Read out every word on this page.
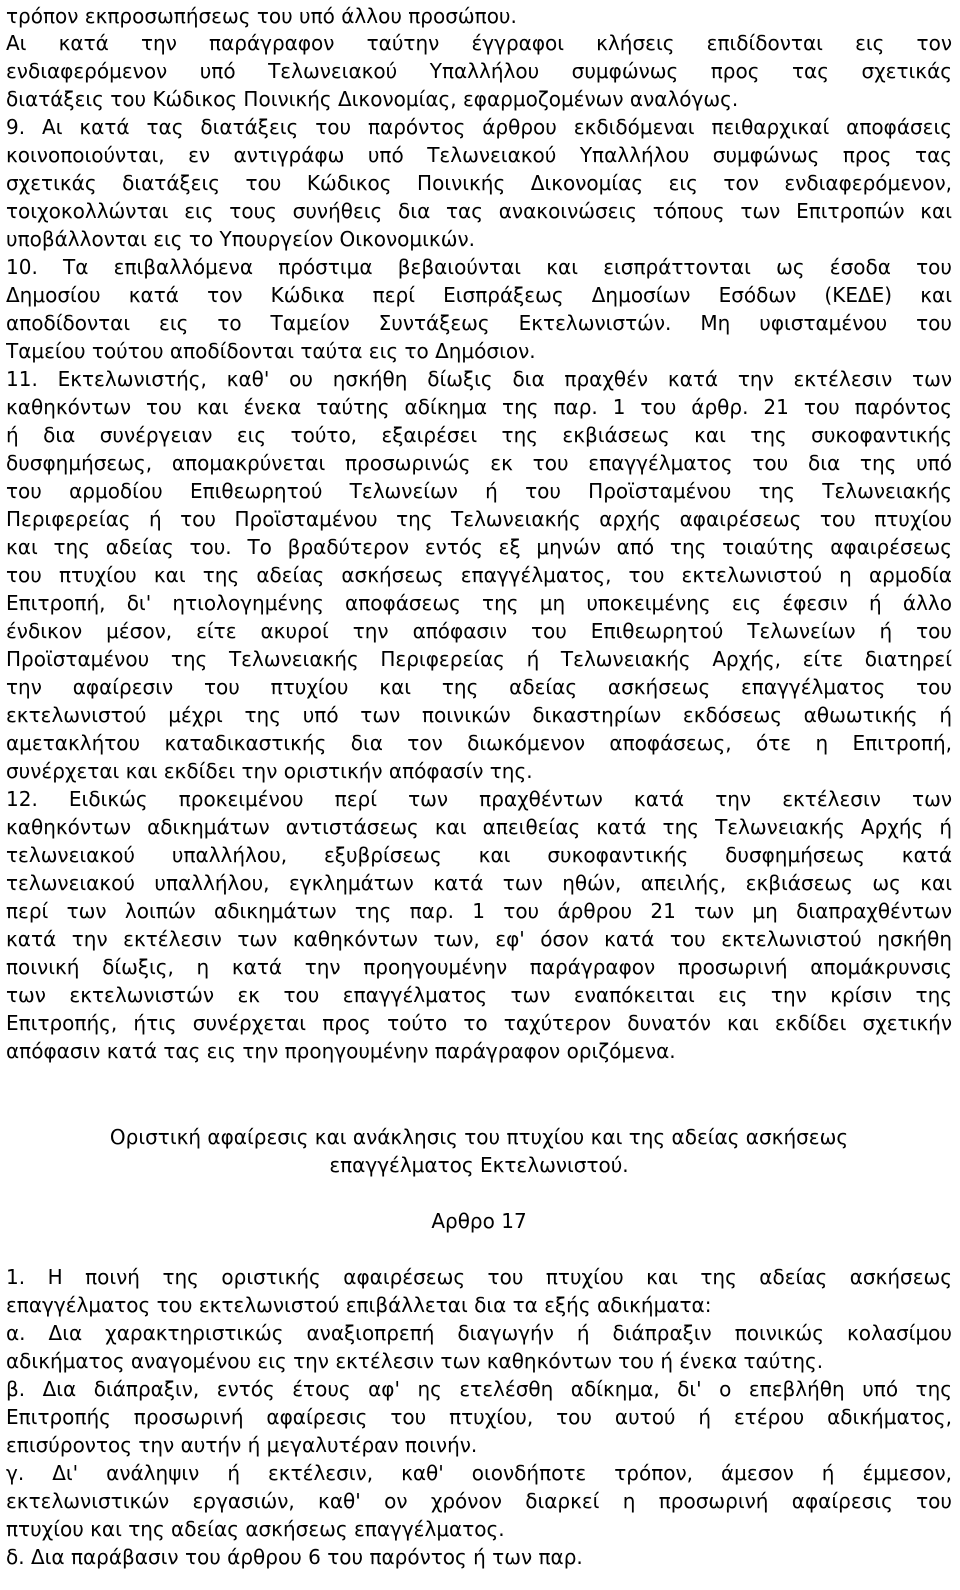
τρόπον εκπροσωπήσεως του υπό άλλου προσώπου.
Αι κατά την παράγραφον ταύτην έγγραφοι κλήσεις επιδίδονται εις τον
ενδιαφερόμενον υπό Τελωνειακού Υπαλλήλου συμφώνως προς τας σχετικάς
διατάξεις του Κώδικος Ποινικής Δικονομίας, εφαρμοζομένων αναλόγως.
9. Αι κατά τας διατάξεις του παρόντος άρθρου εκδιδόμεναι πειθαρχικαί αποφάσεις
κοινοποιούνται, εν αντιγράφω υπό Τελωνειακού Υπαλλήλου συμφώνως προς τας
σχετικάς διατάξεις του Κώδικος Ποινικής Δικονομίας εις τον ενδιαφερόμενον,
τοιχοκολλώνται εις τους συνήθεις δια τας ανακοινώσεις τόπους των Επιτροπών και
υποβάλλονται εις το Υπουργείον Οικονομικών.
10. Τα επιβαλλόμενα πρόστιμα βεβαιούνται και εισπράττονται ως έσοδα του
Δημοσίου κατά τον Κώδικα περί Εισπράξεως Δημοσίων Εσόδων (ΚΕΔΕ) και
αποδίδονται εις το Ταμείον Συντάξεως Εκτελωνιστών. Μη υφισταμένου του
Ταμείου τούτου αποδίδονται ταύτα εις το Δημόσιον.
11. Εκτελωνιστής, καθ' ου ησκήθη δίωξις δια πραχθέν κατά την εκτέλεσιν των
καθηκόντων του και ένεκα ταύτης αδίκημα της παρ. 1 του άρθρ. 21 του παρόντος
ή δια συνέργειαν εις τούτο, εξαιρέσει της εκβιάσεως και της συκοφαντικής
δυσφημήσεως, απομακρύνεται προσωρινώς εκ του επαγγέλματος του δια της υπό
του αρμοδίου Επιθεωρητού Τελωνείων ή του Προϊσταμένου της Τελωνειακής
Περιφερείας ή του Προϊσταμένου της Τελωνειακής αρχής αφαιρέσεως του πτυχίου
και της αδείας του. Το βραδύτερον εντός εξ μηνών από της τοιαύτης αφαιρέσεως
του πτυχίου και της αδείας ασκήσεως επαγγέλματος, του εκτελωνιστού η αρμοδία
Επιτροπή, δι' ητιολογημένης αποφάσεως της μη υποκειμένης εις έφεσιν ή άλλο
ένδικον μέσον, είτε ακυροί την απόφασιν του Επιθεωρητού Τελωνείων ή του
Προϊσταμένου της Τελωνειακής Περιφερείας ή Τελωνειακής Αρχής, είτε διατηρεί
την αφαίρεσιν του πτυχίου και της αδείας ασκήσεως επαγγέλματος του
εκτελωνιστού μέχρι της υπό των ποινικών δικαστηρίων εκδόσεως αθωωτικής ή
αμετακλήτου καταδικαστικής δια τον διωκόμενον αποφάσεως, ότε η Επιτροπή,
συνέρχεται και εκδίδει την οριστικήν απόφασίν της.
12. Ειδικώς προκειμένου περί των πραχθέντων κατά την εκτέλεσιν των
καθηκόντων αδικημάτων αντιστάσεως και απειθείας κατά της Τελωνειακής Αρχής ή
τελωνειακού υπαλλήλου, εξυβρίσεως και συκοφαντικής δυσφημήσεως κατά
τελωνειακού υπαλλήλου, εγκλημάτων κατά των ηθών, απειλής, εκβιάσεως ως και
περί των λοιπών αδικημάτων της παρ. 1 του άρθρου 21 των μη διαπραχθέντων
κατά την εκτέλεσιν των καθηκόντων των, εφ' όσον κατά του εκτελωνιστού ησκήθη
ποινική δίωξις, η κατά την προηγουμένην παράγραφον προσωρινή απομάκρυνσις
των εκτελωνιστών εκ του επαγγέλματος των εναπόκειται εις την κρίσιν της
Επιτροπής, ήτις συνέρχεται προς τούτο το ταχύτερον δυνατόν και εκδίδει σχετικήν
απόφασιν κατά τας εις την προηγουμένην παράγραφον οριζόμενα.
Οριστική αφαίρεσις και ανάκλησις του πτυχίου και της αδείας ασκήσεως
επαγγέλματος Εκτελωνιστού.
Αρθρο 17
1. Η ποινή της οριστικής αφαιρέσεως του πτυχίου και της αδείας ασκήσεως
επαγγέλματος του εκτελωνιστού επιβάλλεται δια τα εξής αδικήματα:
α. Δια χαρακτηριστικώς αναξιοπρεπή διαγωγήν ή διάπραξιν ποινικώς κολασίμου
αδικήματος αναγομένου εις την εκτέλεσιν των καθηκόντων του ή ένεκα ταύτης.
β. Δια διάπραξιν, εντός έτους αφ' ης ετελέσθη αδίκημα, δι' ο επεβλήθη υπό της
Επιτροπής προσωρινή αφαίρεσις του πτυχίου, του αυτού ή ετέρου αδικήματος,
επισύροντος την αυτήν ή μεγαλυτέραν ποινήν.
γ. Δι' ανάληψιν ή εκτέλεσιν, καθ' οιονδήποτε τρόπον, άμεσον ή έμμεσον,
εκτελωνιστικών εργασιών, καθ' ον χρόνον διαρκεί η προσωρινή αφαίρεσις του
πτυχίου και της αδείας ασκήσεως επαγγέλματος.
δ. Δια παράβασιν του άρθρου 6 του παρόντος ή των παρ.
